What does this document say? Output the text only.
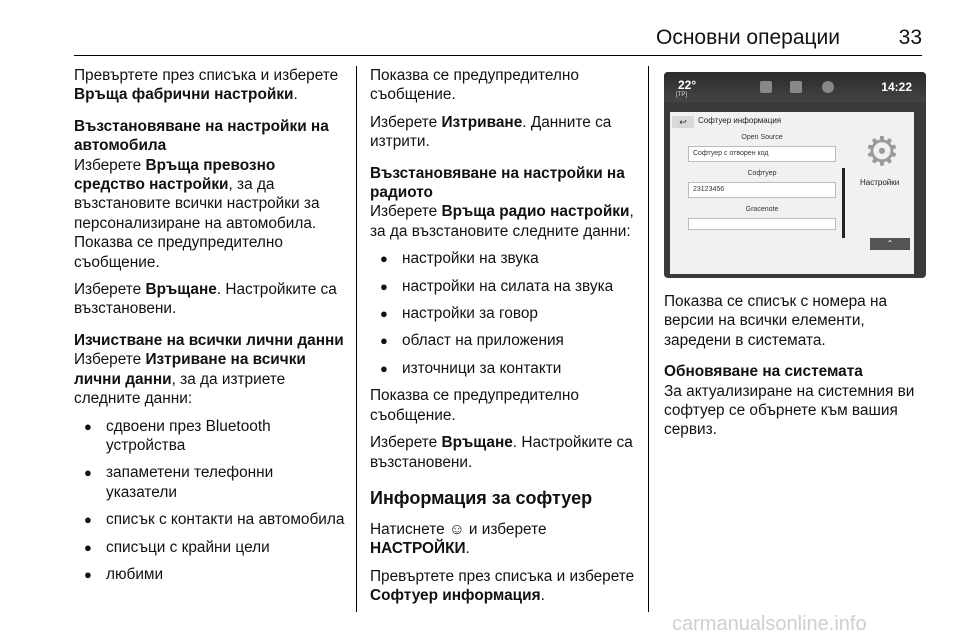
Основни операции	33

Превъртете през списъка и изберете Връща фабрични настройки.

Възстановяване на настройки на автомобила

Изберете Връща превозно средство настройки, за да възстановите всички настройки за персонализиране на автомобила. Показва се предупредително съобщение.

Изберете Връщане. Настройките са възстановени.

Изчистване на всички лични данни

Изберете Изтриване на всички лични данни, за да изтриете следните данни:

● сдвоени през Bluetooth устройства
● запаметени телефонни указатели
● списък с контакти на автомобила
● списъци с крайни цели
● любими

Показва се предупредително съобщение.

Изберете Изтриване. Данните са изтрити.

Възстановяване на настройки на радиото

Изберете Връща радио настройки, за да възстановите следните данни:

● настройки на звука
● настройки на силата на звука
● настройки за говор
● област на приложения
● източници за контакти

Показва се предупредително съобщение.

Изберете Връщане. Настройките са възстановени.

Информация за софтуер

Натиснете ☺ и изберете НАСТРОЙКИ.

Превъртете през списъка и изберете Софтуер информация.

22°
[TP]
14:22
↩	Софтуер информация
Open Source
Софтуер с отворен код
Софтуер
23123456
Gracenote
⚙
Настройки
⌃

Показва се списък с номера на версии на всички елементи, заредени в системата.

Обновяване на системата

За актуализиране на системния ви софтуер се обърнете към вашия сервиз.

carmanualsonline.info
